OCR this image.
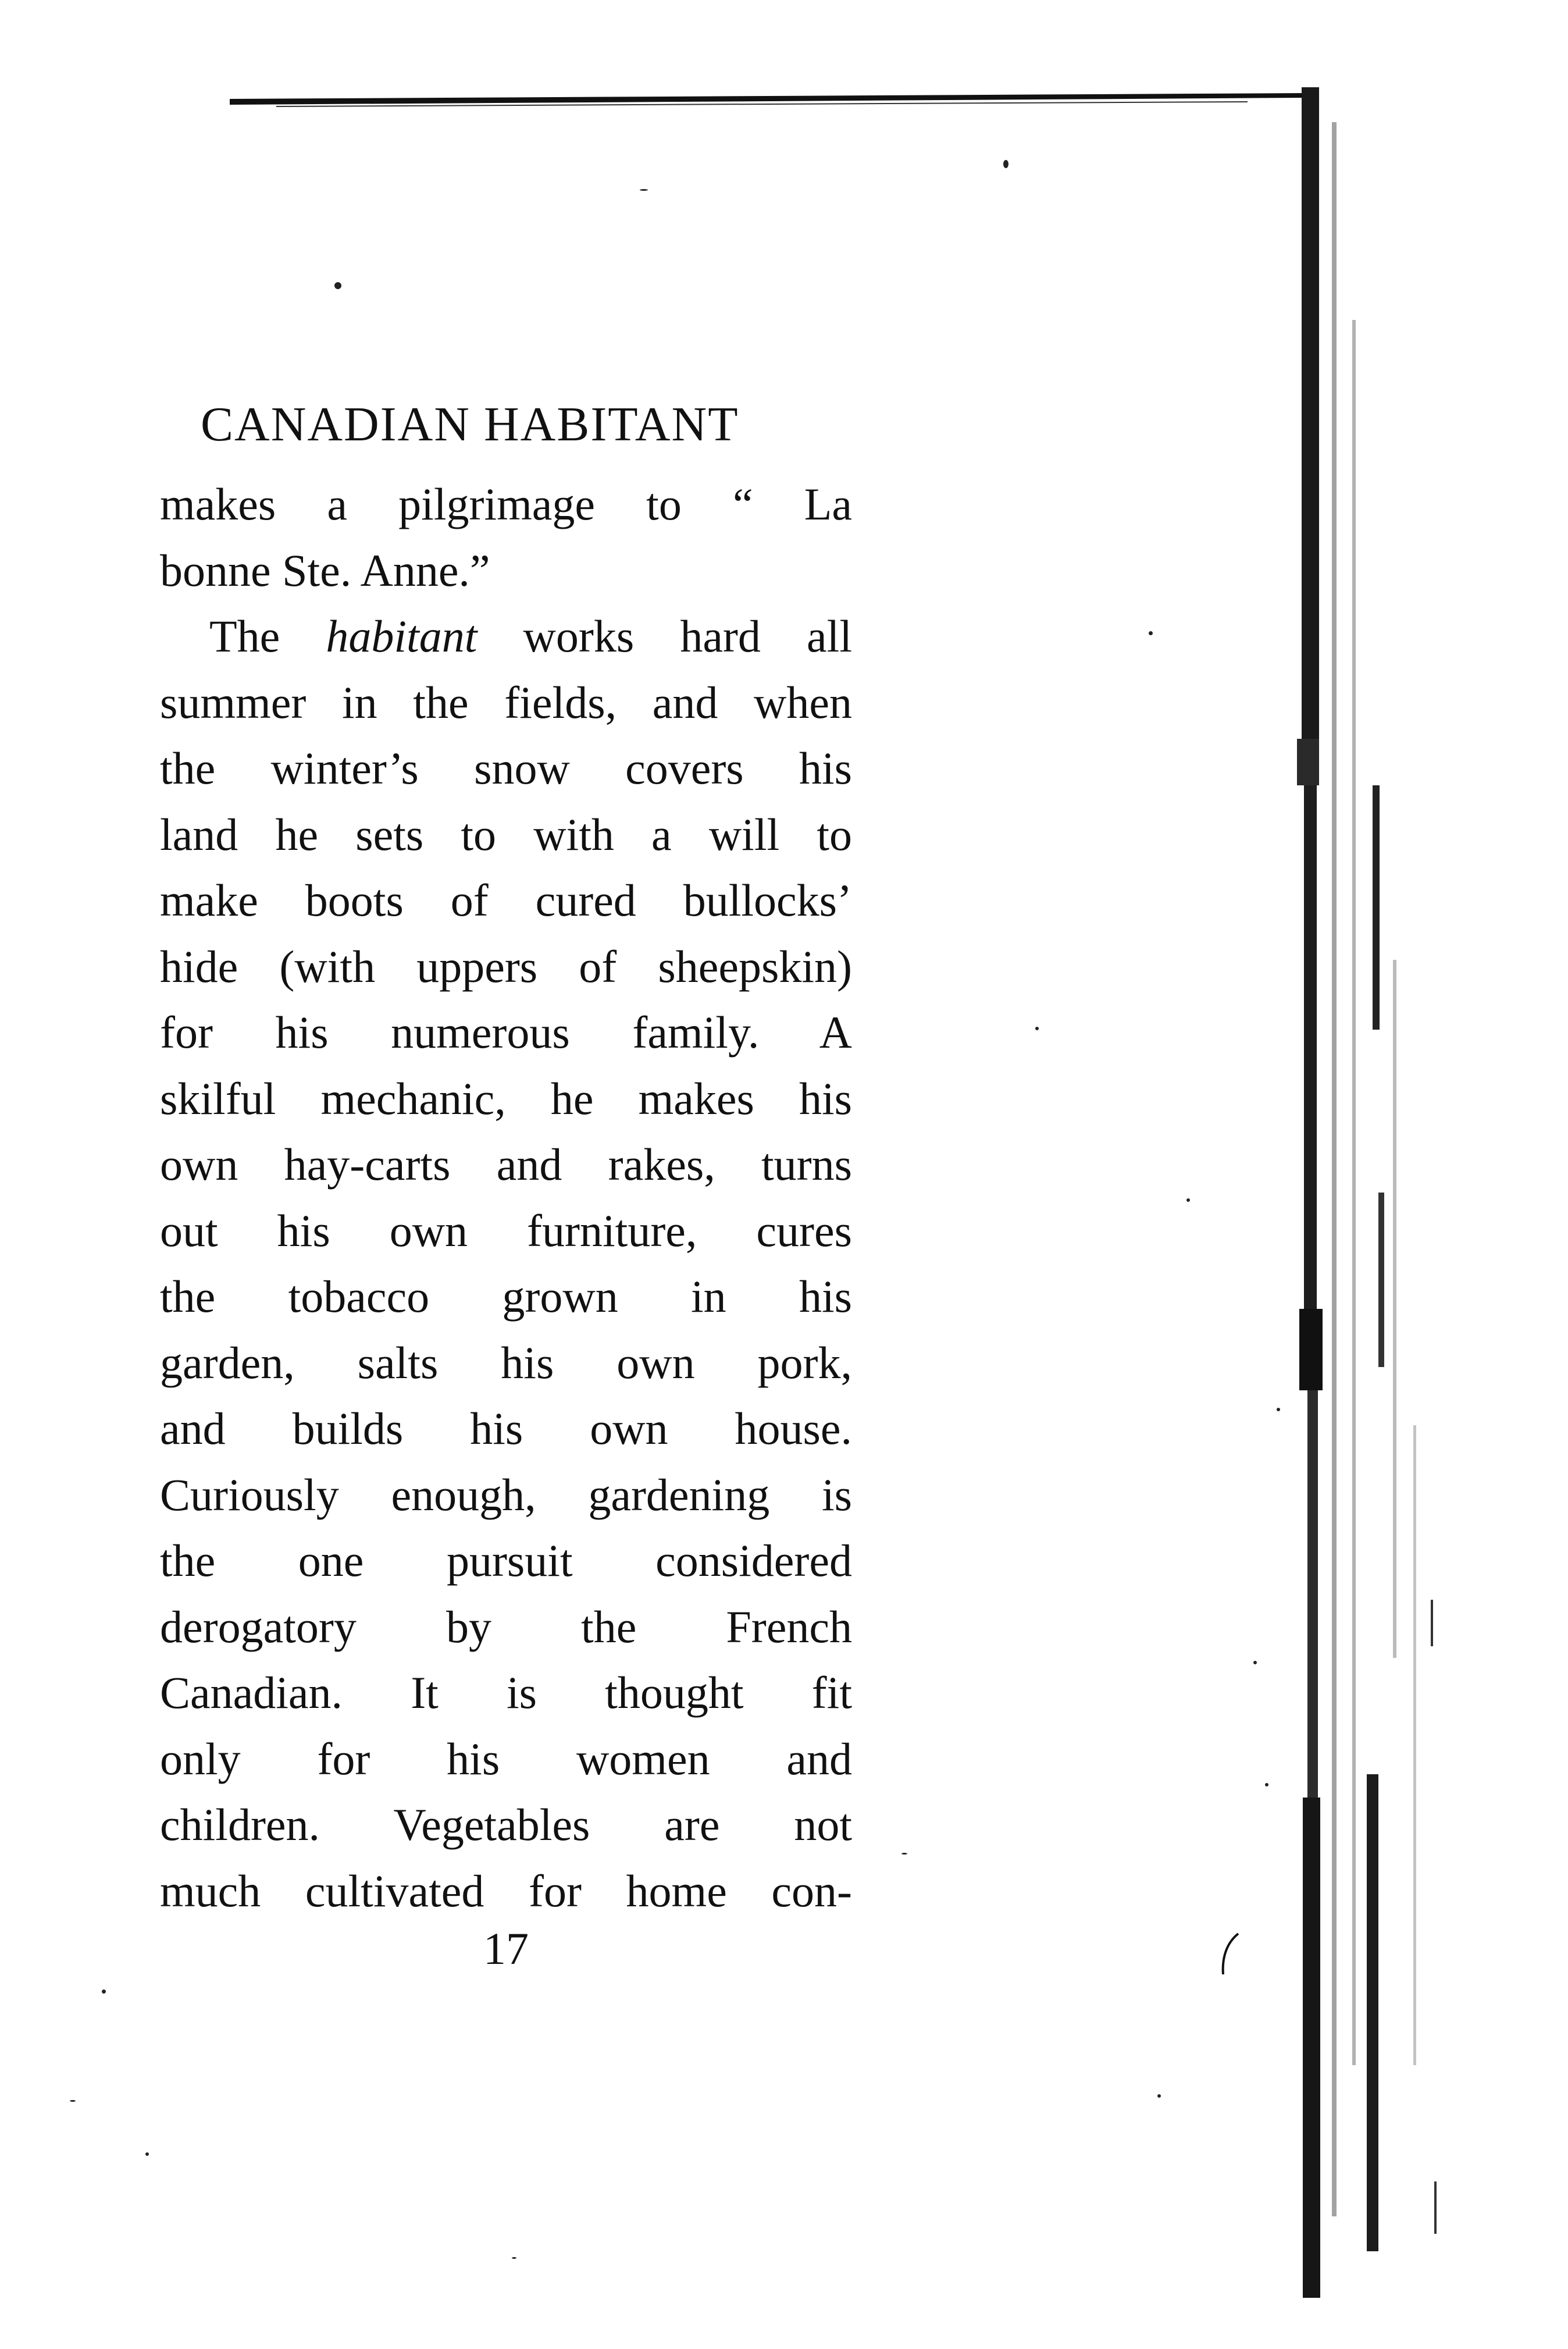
CANADIAN HABITANT
makes a pilgrimage to “ La
bonne Ste. Anne.”
The habitant works hard all
summer in the fields, and when
the winter’s snow covers his
land he sets to with a will to
make boots of cured bullocks’
hide (with uppers of sheepskin)
for his numerous family. A
skilful mechanic, he makes his
own hay-carts and rakes, turns
out his own furniture, cures
the tobacco grown in his
garden, salts his own pork,
and builds his own house.
Curiously enough, gardening is
the one pursuit considered
derogatory by the French
Canadian. It is thought fit
only for his women and
children. Vegetables are not
much cultivated for home con-
17
